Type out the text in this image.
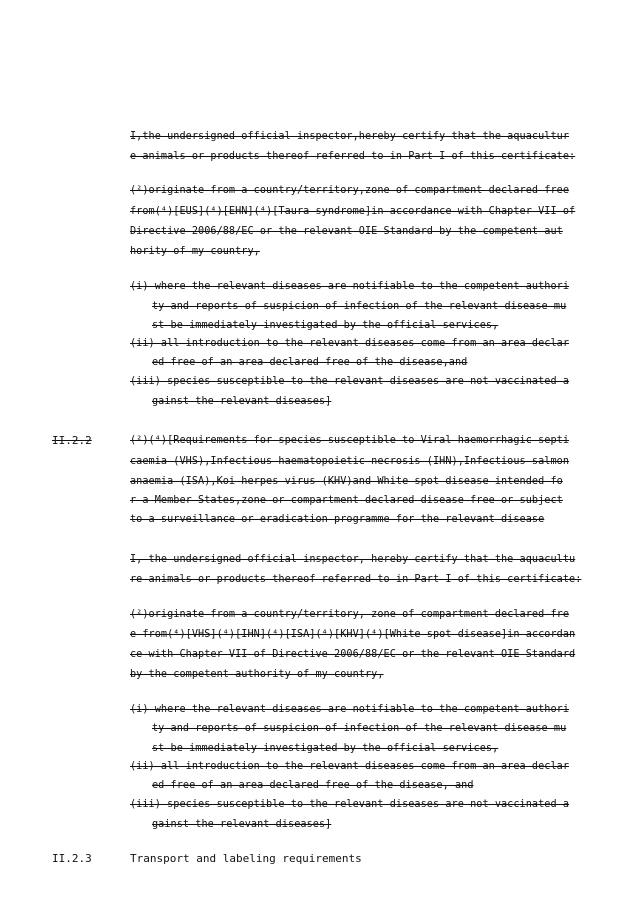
I,the undersigned official inspector,hereby certify that the aquacultur
e animals or products thereof referred to in Part I of this certificate:
(²)originate from a country/territory,zone of compartment declared free
from(⁴)[EUS](⁴)[EHN](⁴)[Taura syndrome]in accordance with Chapter VII of
Directive 2006/88/EC or the relevant OIE Standard by the competent aut
hority of my country,
(i) where the relevant diseases are notifiable to the competent authori
ty and reports of suspicion of infection of the relevant disease mu
st be immediately investigated by the official services,
(ii) all introduction to the relevant diseases come from an area declar
ed free of an area declared free of the disease,and
(iii) species susceptible to the relevant diseases are not vaccinated a
gainst the relevant diseases]
II.2.2	(²)(⁴)[Requirements for species susceptible to Viral haemorrhagic septi
caemia (VHS),Infectious haematopoietic necrosis (IHN),Infectious salmon
anaemia (ISA),Koi herpes virus (KHV)and White spot disease intended fo
r a Member States,zone or compartment declared disease free or subject
to a surveillance or eradication programme for the relevant disease
I, the undersigned official inspector, hereby certify that the aquacultu
re animals or products thereof referred to in Part I of this certificate:
(²)originate from a country/territory, zone of compartment declared fre
e from(⁴)[VHS](⁴)[IHN](⁴)[ISA](⁴)[KHV](⁴)[White spot disease]in accordan
ce with Chapter VII of Directive 2006/88/EC or the relevant OIE Standard
by the competent authority of my country,
(i) where the relevant diseases are notifiable to the competent authori
ty and reports of suspicion of infection of the relevant disease mu
st be immediately investigated by the official services,
(ii) all introduction to the relevant diseases come from an area declar
ed free of an area declared free of the disease, and
(iii) species susceptible to the relevant diseases are not vaccinated a
gainst the relevant diseases]
II.2.3	Transport and labeling requirements
